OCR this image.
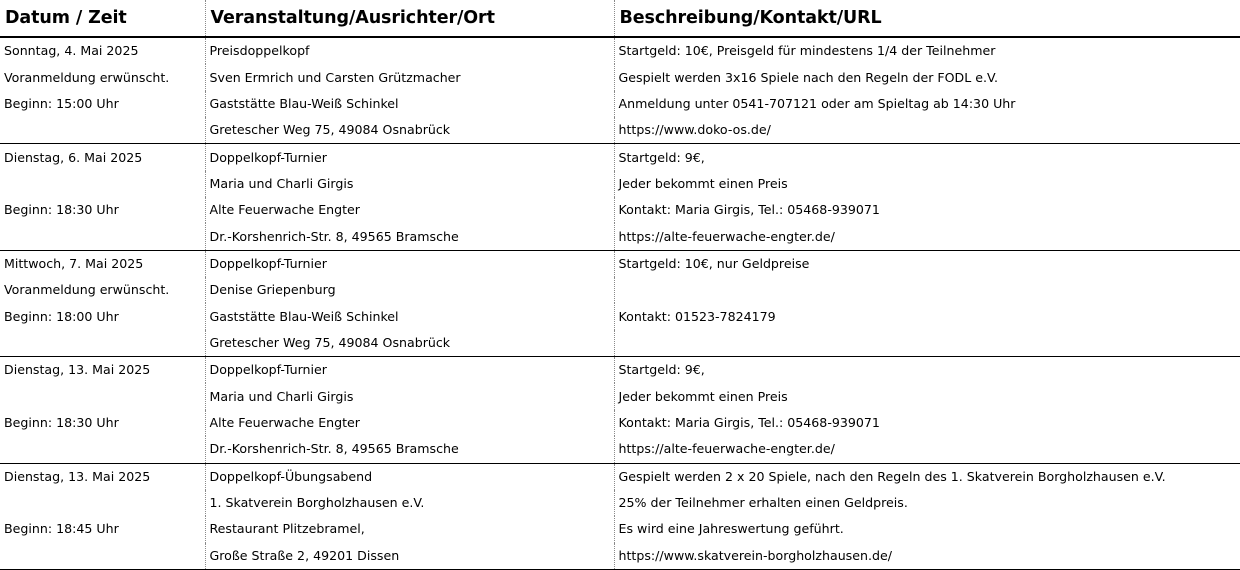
Datum / Zeit	Veranstaltung/Ausrichter/Ort	Beschreibung/Kontakt/URL
Sonntag, 4. Mai 2025	Preisdoppelkopf	Startgeld: 10€, Preisgeld für mindestens 1/4 der Teilnehmer
Voranmeldung erwünscht.	Sven Ermrich und Carsten Grützmacher	Gespielt werden 3x16 Spiele nach den Regeln der FODL e.V.
Beginn: 15:00 Uhr	Gaststätte Blau-Weiß Schinkel	Anmeldung unter 0541-707121 oder am Spieltag ab 14:30 Uhr
	Gretescher Weg 75, 49084 Osnabrück	https://www.doko-os.de/
Dienstag, 6. Mai 2025	Doppelkopf-Turnier	Startgeld: 9€,
	Maria und Charli Girgis	Jeder bekommt einen Preis
Beginn: 18:30 Uhr	Alte Feuerwache Engter	Kontakt: Maria Girgis, Tel.: 05468-939071
	Dr.-Korshenrich-Str. 8, 49565 Bramsche	https://alte-feuerwache-engter.de/
Mittwoch, 7. Mai 2025	Doppelkopf-Turnier	Startgeld: 10€, nur Geldpreise
Voranmeldung erwünscht.	Denise Griepenburg	
Beginn: 18:00 Uhr	Gaststätte Blau-Weiß Schinkel	Kontakt: 01523-7824179
	Gretescher Weg 75, 49084 Osnabrück	
Dienstag, 13. Mai 2025	Doppelkopf-Turnier	Startgeld: 9€,
	Maria und Charli Girgis	Jeder bekommt einen Preis
Beginn: 18:30 Uhr	Alte Feuerwache Engter	Kontakt: Maria Girgis, Tel.: 05468-939071
	Dr.-Korshenrich-Str. 8, 49565 Bramsche	https://alte-feuerwache-engter.de/
Dienstag, 13. Mai 2025	Doppelkopf-Übungsabend	Gespielt werden 2 x 20 Spiele, nach den Regeln des 1. Skatverein Borgholzhausen e.V.
	1. Skatverein Borgholzhausen e.V.	25% der Teilnehmer erhalten einen Geldpreis.
Beginn: 18:45 Uhr	Restaurant Plitzebramel,	Es wird eine Jahreswertung geführt.
	Große Straße 2, 49201 Dissen	https://www.skatverein-borgholzhausen.de/
